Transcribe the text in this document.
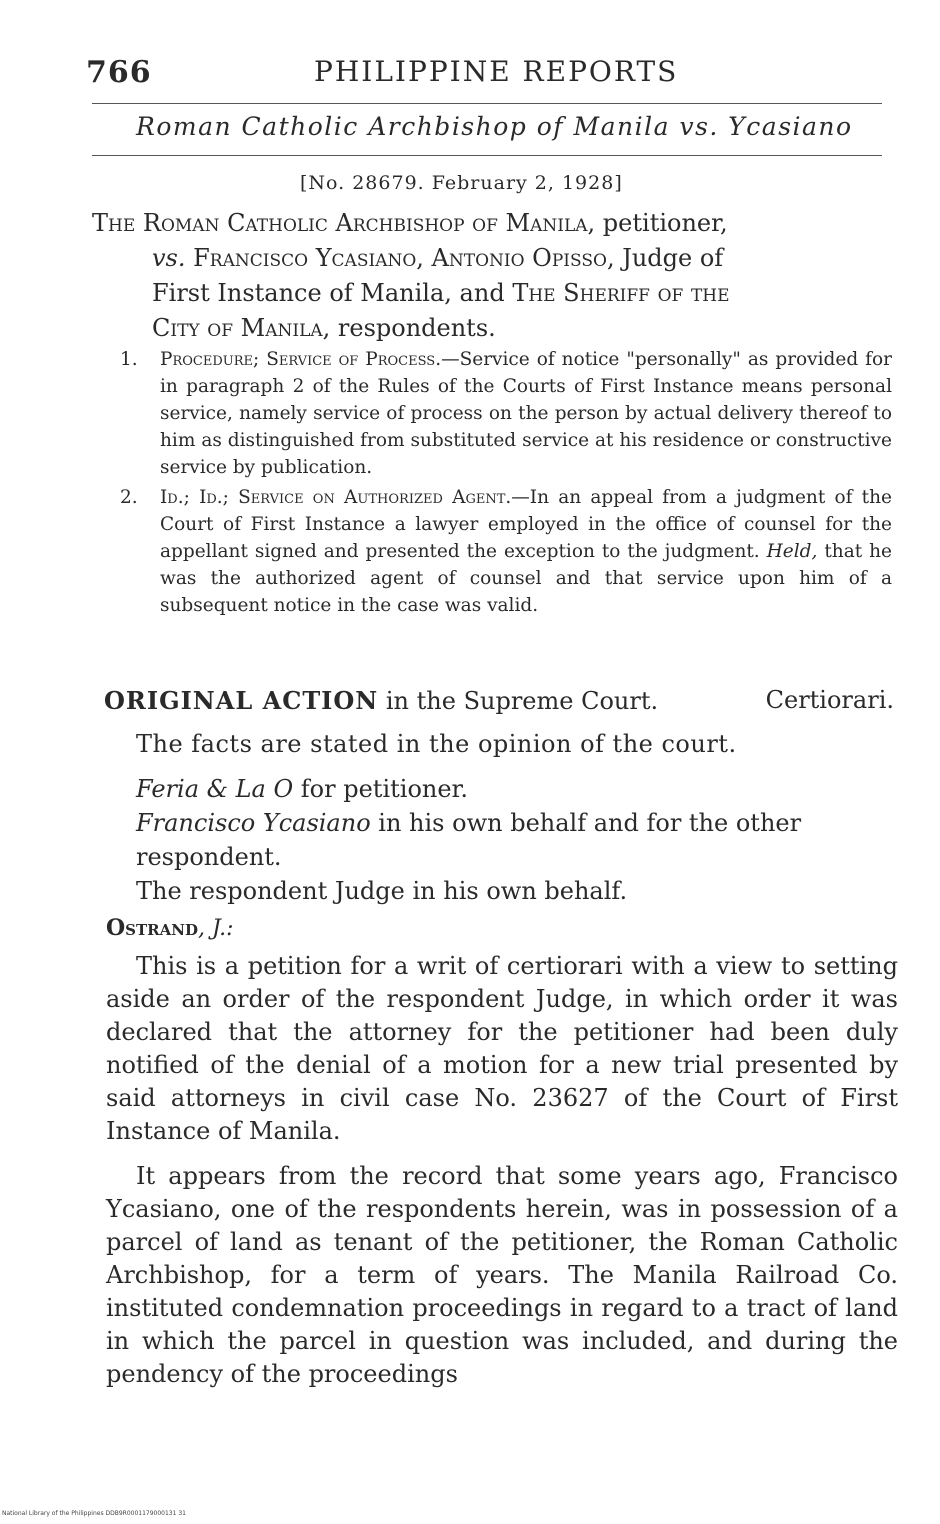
766	PHILIPPINE REPORTS
Roman Catholic Archbishop of Manila vs. Ycasiano
[No. 28679. February 2, 1928]
The Roman Catholic Archbishop of Manila, petitioner,
vs. Francisco Ycasiano, Antonio Opisso, Judge of
First Instance of Manila, and The Sheriff of the
City of Manila, respondents.
1. Procedure; Service of Process.—Service of notice "personally" as provided for in paragraph 2 of the Rules of the Courts of First Instance means personal service, namely service of process on the person by actual delivery thereof to him as distinguished from substituted service at his residence or constructive service by publication.
2. Id.; Id.; Service on Authorized Agent.—In an appeal from a judgment of the Court of First Instance a lawyer employed in the office of counsel for the appellant signed and presented the exception to the judgment. Held, that he was the authorized agent of counsel and that service upon him of a subsequent notice in the case was valid.
ORIGINAL ACTION in the Supreme Court.	Certiorari.
The facts are stated in the opinion of the court.

Feria & La O for petitioner.

Francisco Ycasiano in his own behalf and for the other respondent.

The respondent Judge in his own behalf.

Ostrand, J.:

This is a petition for a writ of certiorari with a view to setting aside an order of the respondent Judge, in which order it was declared that the attorney for the petitioner had been duly notified of the denial of a motion for a new trial presented by said attorneys in civil case No. 23627 of the Court of First Instance of Manila.

It appears from the record that some years ago, Francisco Ycasiano, one of the respondents herein, was in possession of a parcel of land as tenant of the petitioner, the Roman Catholic Archbishop, for a term of years. The Manila Railroad Co. instituted condemnation proceedings in regard to a tract of land in which the parcel in question was included, and during the pendency of the proceedings

National Library of the Philippines DDB9R0001179000131 31
